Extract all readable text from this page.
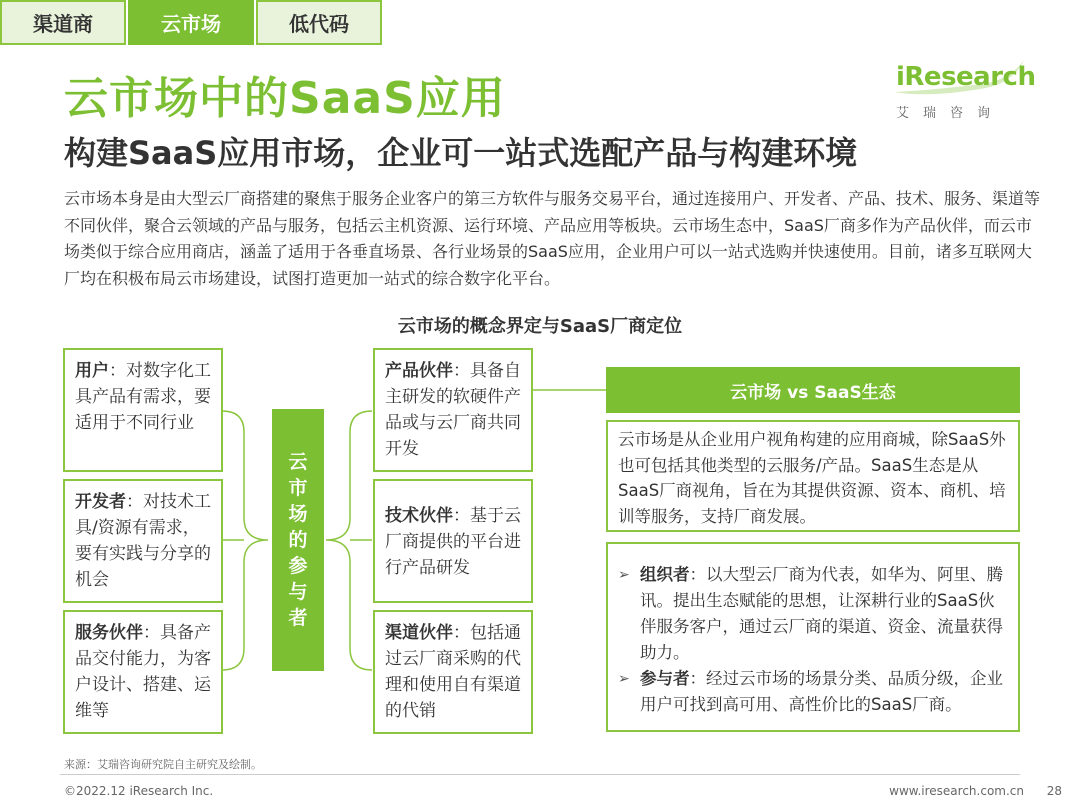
渠道商	云市场	低代码
云市场中的SaaS应用
构建SaaS应用市场，企业可一站式选配产品与构建环境
iResearch
艾瑞咨询
云市场本身是由大型云厂商搭建的聚焦于服务企业客户的第三方软件与服务交易平台，通过连接用户、开发者、产品、技术、服务、渠道等不同伙伴，聚合云领域的产品与服务，包括云主机资源、运行环境、产品应用等板块。云市场生态中，SaaS厂商多作为产品伙伴，而云市场类似于综合应用商店，涵盖了适用于各垂直场景、各行业场景的SaaS应用，企业用户可以一站式选购并快速使用。目前，诸多互联网大厂均在积极布局云市场建设，试图打造更加一站式的综合数字化平台。
云市场的概念界定与SaaS厂商定位
用户：对数字化工具产品有需求，要适用于不同行业
开发者：对技术工具/资源有需求，要有实践与分享的机会
服务伙伴：具备产品交付能力，为客户设计、搭建、运维等
云
市
场
的
参
与
者
产品伙伴：具备自主研发的软硬件产品或与云厂商共同开发
技术伙伴：基于云厂商提供的平台进行产品研发
渠道伙伴：包括通过云厂商采购的代理和使用自有渠道的代销
云市场 vs SaaS生态
云市场是从企业用户视角构建的应用商城，除SaaS外也可包括其他类型的云服务/产品。SaaS生态是从SaaS厂商视角，旨在为其提供资源、资本、商机、培训等服务，支持厂商发展。
➢ 组织者：以大型云厂商为代表，如华为、阿里、腾讯。提出生态赋能的思想，让深耕行业的SaaS伙伴服务客户，通过云厂商的渠道、资金、流量获得助力。
➢ 参与者：经过云市场的场景分类、品质分级，企业用户可找到高可用、高性价比的SaaS厂商。
来源：艾瑞咨询研究院自主研究及绘制。
©2022.12 iResearch Inc.	www.iresearch.com.cn 28
